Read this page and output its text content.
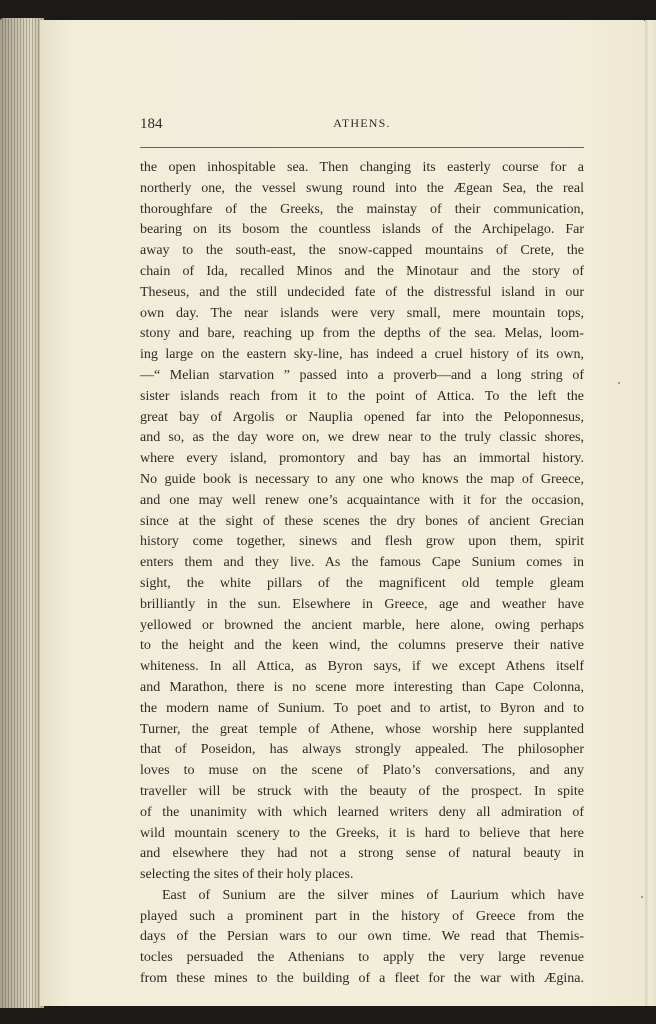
184	ATHENS.
the open inhospitable sea. Then changing its easterly course for a
northerly one, the vessel swung round into the Ægean Sea, the real
thoroughfare of the Greeks, the mainstay of their communication,
bearing on its bosom the countless islands of the Archipelago. Far
away to the south-east, the snow-capped mountains of Crete, the
chain of Ida, recalled Minos and the Minotaur and the story of
Theseus, and the still undecided fate of the distressful island in our
own day. The near islands were very small, mere mountain tops,
stony and bare, reaching up from the depths of the sea. Melas, loom-
ing large on the eastern sky-line, has indeed a cruel history of its own,
—“ Melian starvation ” passed into a proverb—and a long string of
sister islands reach from it to the point of Attica. To the left the
great bay of Argolis or Nauplia opened far into the Peloponnesus,
and so, as the day wore on, we drew near to the truly classic shores,
where every island, promontory and bay has an immortal history.
No guide book is necessary to any one who knows the map of Greece,
and one may well renew one’s acquaintance with it for the occasion,
since at the sight of these scenes the dry bones of ancient Grecian
history come together, sinews and flesh grow upon them, spirit
enters them and they live. As the famous Cape Sunium comes in
sight, the white pillars of the magnificent old temple gleam
brilliantly in the sun. Elsewhere in Greece, age and weather have
yellowed or browned the ancient marble, here alone, owing perhaps
to the height and the keen wind, the columns preserve their native
whiteness. In all Attica, as Byron says, if we except Athens itself
and Marathon, there is no scene more interesting than Cape Colonna,
the modern name of Sunium. To poet and to artist, to Byron and to
Turner, the great temple of Athene, whose worship here supplanted
that of Poseidon, has always strongly appealed. The philosopher
loves to muse on the scene of Plato’s conversations, and any
traveller will be struck with the beauty of the prospect. In spite
of the unanimity with which learned writers deny all admiration of
wild mountain scenery to the Greeks, it is hard to believe that here
and elsewhere they had not a strong sense of natural beauty in
selecting the sites of their holy places.
East of Sunium are the silver mines of Laurium which have
played such a prominent part in the history of Greece from the
days of the Persian wars to our own time. We read that Themis-
tocles persuaded the Athenians to apply the very large revenue
from these mines to the building of a fleet for the war with Ægina.
